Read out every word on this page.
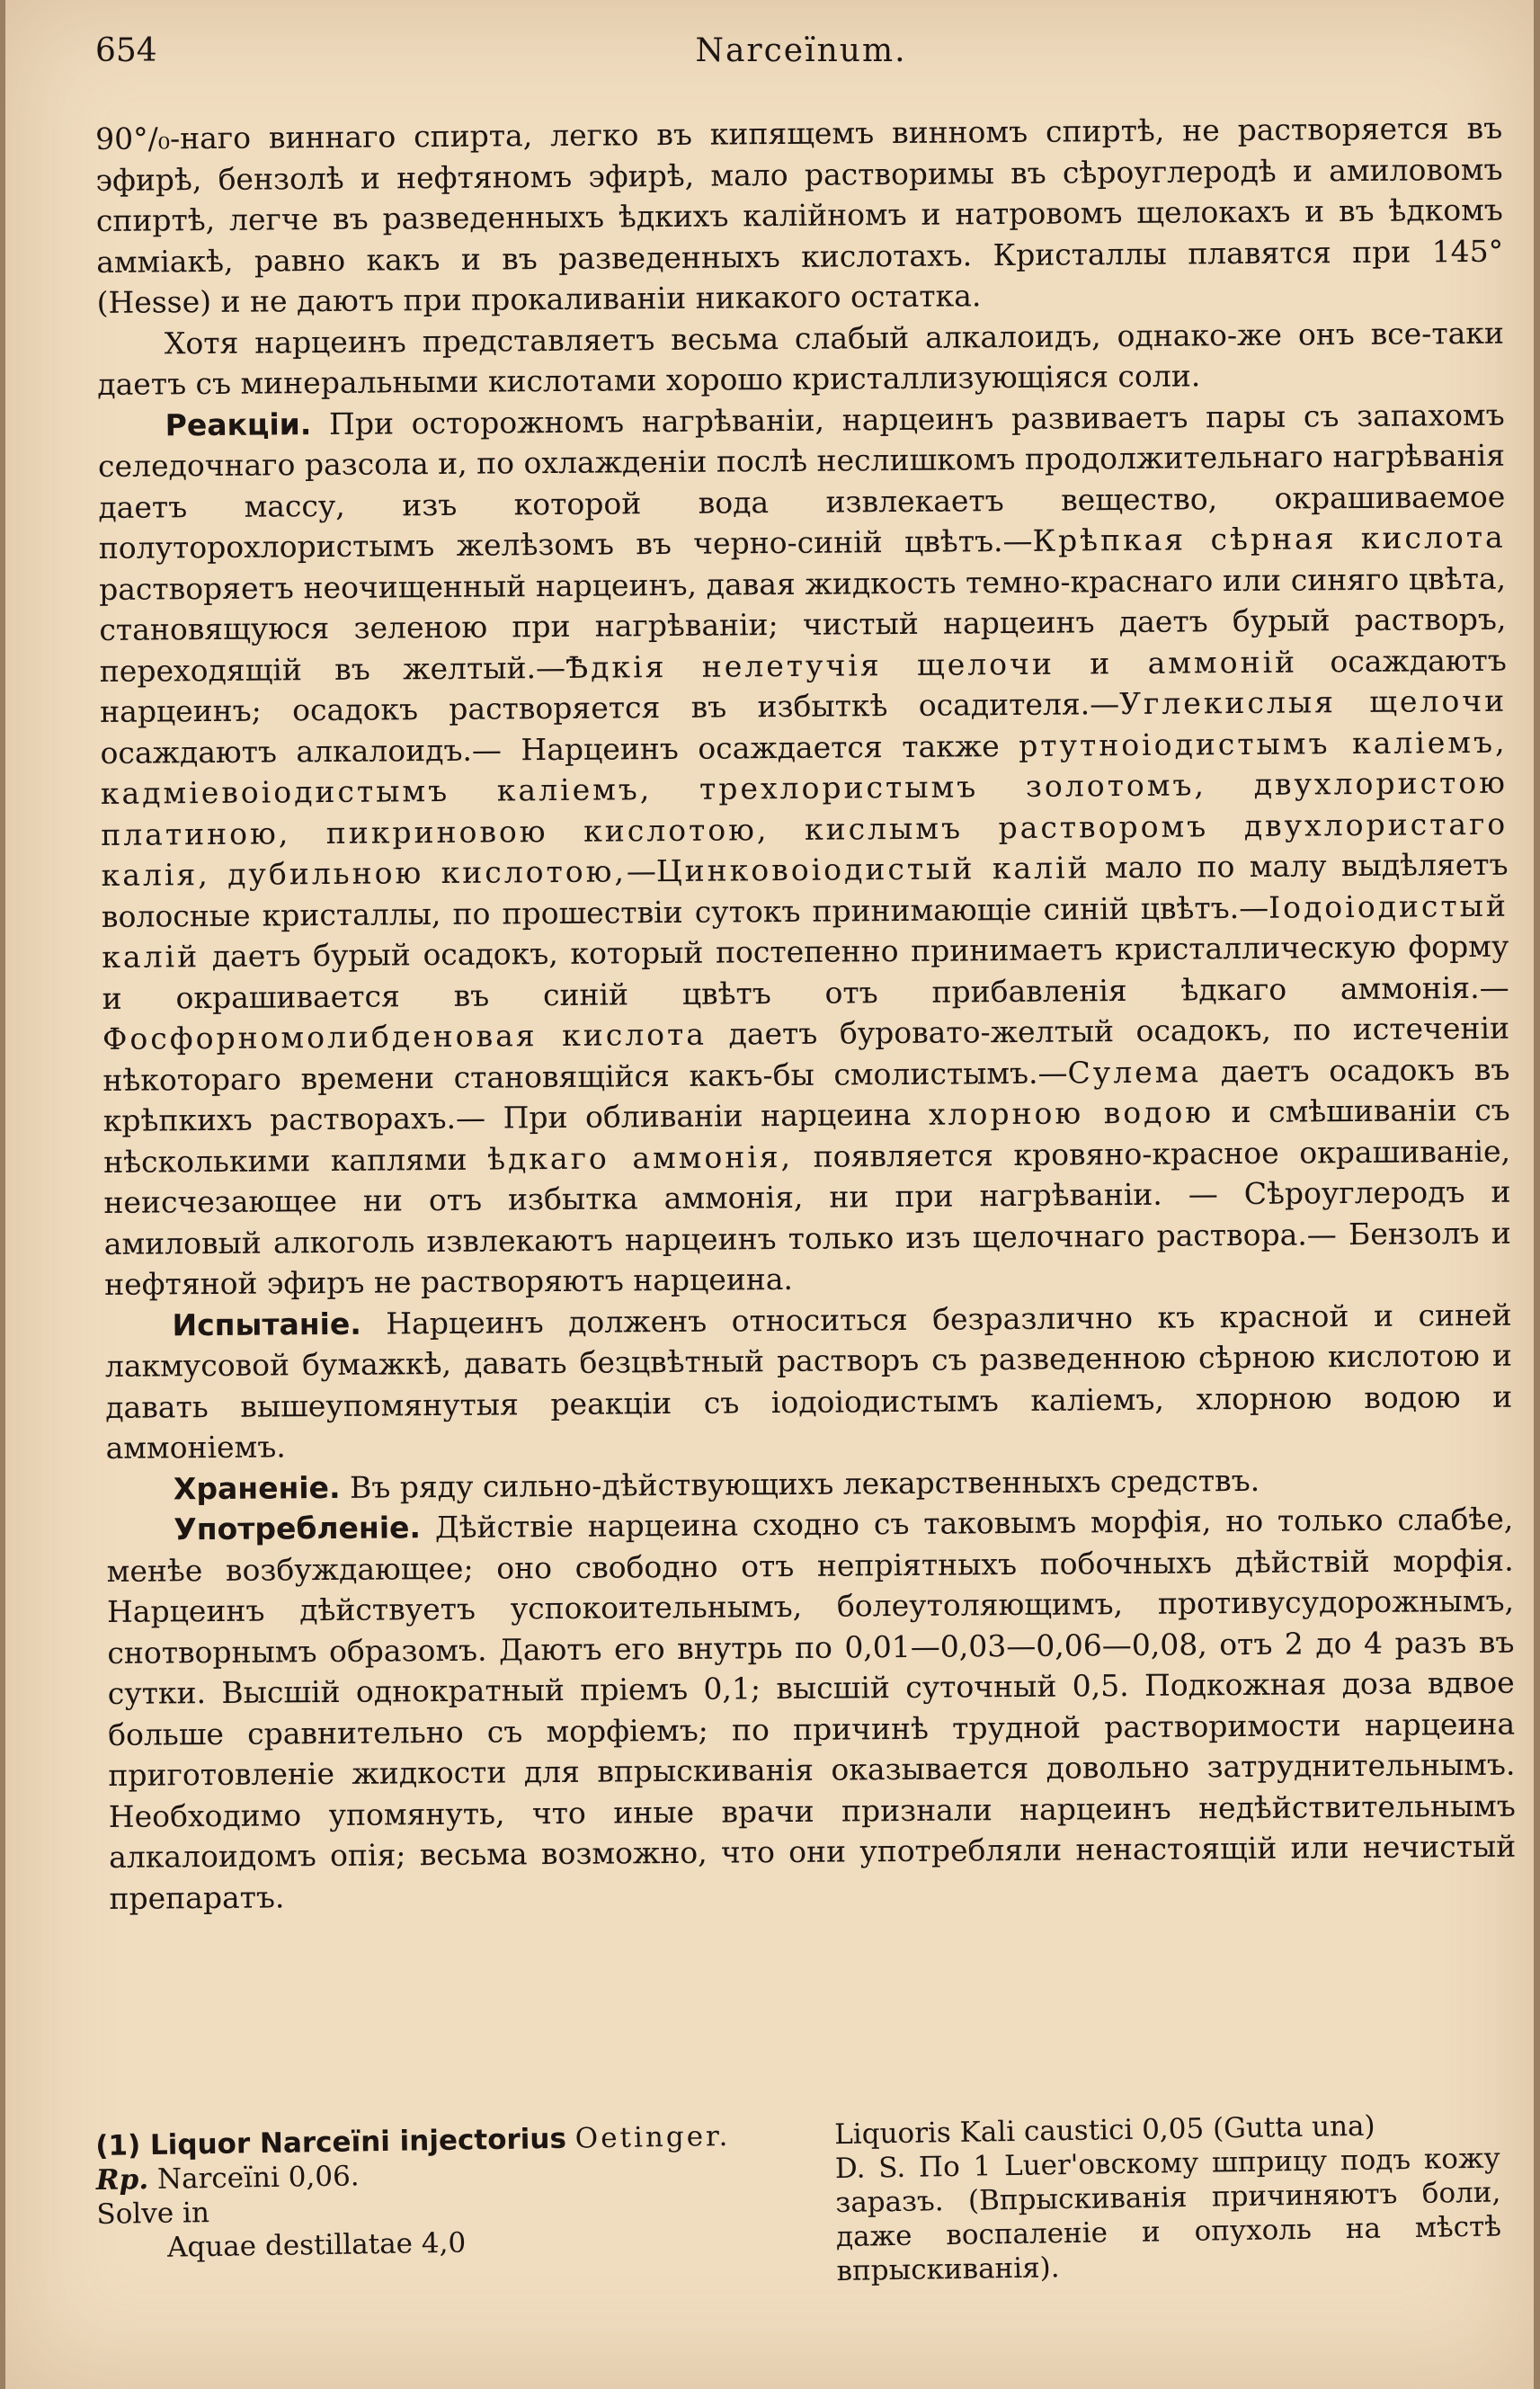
654	Narceïnum.

90°/₀-наго виннаго спирта, легко въ кипящемъ винномъ спиртѣ, не растворяется въ эфирѣ, бензолѣ и нефтяномъ эфирѣ, мало растворимы въ сѣроуглеродѣ и амиловомъ спиртѣ, легче въ разведенныхъ ѣдкихъ калійномъ и натровомъ щелокахъ и въ ѣдкомъ амміакѣ, равно какъ и въ разведенныхъ кислотахъ. Кристаллы плавятся при 145° (Hesse) и не даютъ при прокаливаніи никакого остатка.

Хотя нарцеинъ представляетъ весьма слабый алкалоидъ, однако-же онъ все-таки даетъ съ минеральными кислотами хорошо кристаллизующіяся соли.

Реакціи. При осторожномъ нагрѣваніи, нарцеинъ развиваетъ пары съ запахомъ селедочнаго разсола и, по охлажденіи послѣ неслишкомъ продолжительнаго нагрѣванія даетъ массу, изъ которой вода извлекаетъ вещество, окрашиваемое полуторохлористымъ желѣзомъ въ черно-синій цвѣтъ.—Крѣпкая сѣрная кислота растворяетъ неочищенный нарцеинъ, давая жидкость темно-краснаго или синяго цвѣта, становящуюся зеленою при нагрѣваніи; чистый нарцеинъ даетъ бурый растворъ, переходящій въ желтый.—Ѣдкія нелетучія щелочи и аммоній осаждаютъ нарцеинъ; осадокъ растворяется въ избыткѣ осадителя.—Углекислыя щелочи осаждаютъ алкалоидъ.— Нарцеинъ осаждается также ртутноіодистымъ каліемъ, кадміевоіодистымъ каліемъ, трехлористымъ золотомъ, двухлористою платиною, пикриновою кислотою, кислымъ растворомъ двухлористаго калія, дубильною кислотою,—Цинковоіодистый калій мало по малу выдѣляетъ волосные кристаллы, по прошествіи сутокъ принимающіе синій цвѣтъ.—Іодоіодистый калій даетъ бурый осадокъ, который постепенно принимаетъ кристаллическую форму и окрашивается въ синій цвѣтъ отъ прибавленія ѣдкаго аммонія.—Фосфорномолибденовая кислота даетъ буровато-желтый осадокъ, по истеченіи нѣкотораго времени становящійся какъ-бы смолистымъ.—Сулема даетъ осадокъ въ крѣпкихъ растворахъ.— При обливаніи нарцеина хлорною водою и смѣшиваніи съ нѣсколькими каплями ѣдкаго аммонія, появляется кровяно-красное окрашиваніе, неисчезающее ни отъ избытка аммонія, ни при нагрѣваніи. — Сѣроуглеродъ и амиловый алкоголь извлекаютъ нарцеинъ только изъ щелочнаго раствора.— Бензолъ и нефтяной эфиръ не растворяютъ нарцеина.

Испытаніе. Нарцеинъ долженъ относиться безразлично къ красной и синей лакмусовой бумажкѣ, давать безцвѣтный растворъ съ разведенною сѣрною кислотою и давать вышеупомянутыя реакціи съ іодоіодистымъ каліемъ, хлорною водою и аммоніемъ.

Храненіе. Въ ряду сильно-дѣйствующихъ лекарственныхъ средствъ.

Употребленіе. Дѣйствіе нарцеина сходно съ таковымъ морфія, но только слабѣе, менѣе возбуждающее; оно свободно отъ непріятныхъ побочныхъ дѣйствій морфія. Нарцеинъ дѣйствуетъ успокоительнымъ, болеутоляющимъ, противусудорожнымъ, снотворнымъ образомъ. Даютъ его внутрь по 0,01—0,03—0,06—0,08, отъ 2 до 4 разъ въ сутки. Высшій однократный пріемъ 0,1; высшій суточный 0,5. Подкожная доза вдвое больше сравнительно съ морфіемъ; по причинѣ трудной растворимости нарцеина приготовленіе жидкости для впрыскиванія оказывается довольно затруднительнымъ. Необходимо упомянуть, что иные врачи признали нарцеинъ недѣйствительнымъ алкалоидомъ опія; весьма возможно, что они употребляли ненастоящій или нечистый препаратъ.

(1) Liquor Narceïni injectorius Oetinger.
Rp. Narceïni 0,06.
Solve in
Aquae destillatae 4,0
Liquoris Kali caustici 0,05 (Gutta una)
D. S. По 1 Luer'овскому шприцу подъ кожу заразъ. (Впрыскиванія причиняютъ боли, даже воспаленіе и опухоль на мѣстѣ впрыскиванія).
